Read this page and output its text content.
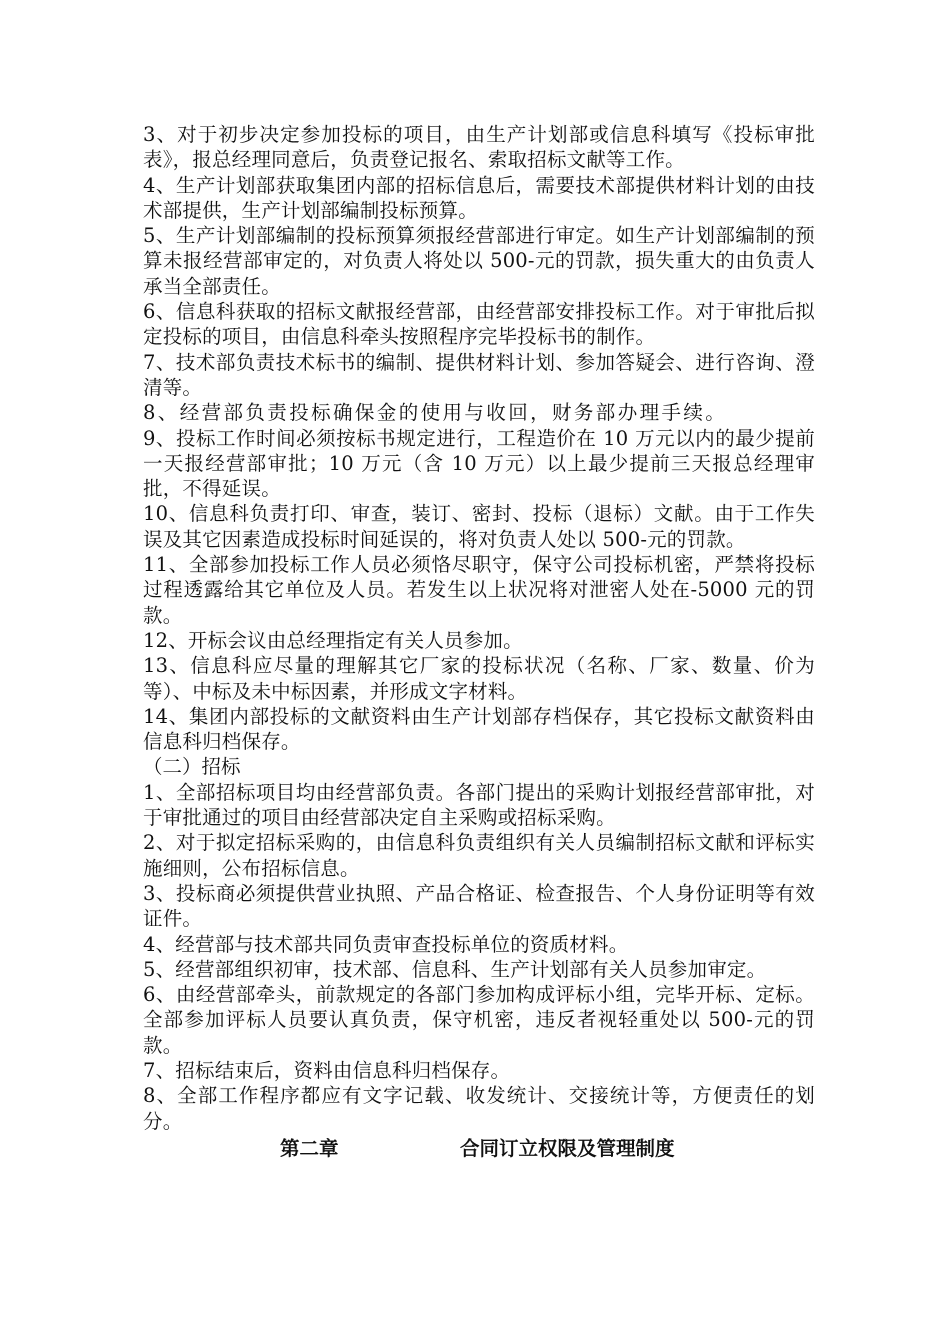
3、对于初步决定参加投标的项目，由生产计划部或信息科填写《投标审批表》，报总经理同意后，负责登记报名、索取招标文献等工作。

4、生产计划部获取集团内部的招标信息后，需要技术部提供材料计划的由技术部提供，生产计划部编制投标预算。

5、生产计划部编制的投标预算须报经营部进行审定。如生产计划部编制的预算未报经营部审定的，对负责人将处以 500-元的罚款，损失重大的由负责人承当全部责任。

6、信息科获取的招标文献报经营部，由经营部安排投标工作。对于审批后拟定投标的项目，由信息科牵头按照程序完毕投标书的制作。

7、技术部负责技术标书的编制、提供材料计划、参加答疑会、进行咨询、澄清等。

8、经营部负责投标确保金的使用与收回，财务部办理手续。

9、投标工作时间必须按标书规定进行，工程造价在 10 万元以内的最少提前一天报经营部审批；10 万元（含 10 万元）以上最少提前三天报总经理审批，不得延误。

10、信息科负责打印、审查，装订、密封、投标（退标）文献。由于工作失误及其它因素造成投标时间延误的，将对负责人处以 500-元的罚款。

11、全部参加投标工作人员必须恪尽职守，保守公司投标机密，严禁将投标过程透露给其它单位及人员。若发生以上状况将对泄密人处在-5000 元的罚款。

12、开标会议由总经理指定有关人员参加。

13、信息科应尽量的理解其它厂家的投标状况（名称、厂家、数量、价为等）、中标及未中标因素，并形成文字材料。

14、集团内部投标的文献资料由生产计划部存档保存，其它投标文献资料由信息科归档保存。

（二）招标

1、全部招标项目均由经营部负责。各部门提出的采购计划报经营部审批，对于审批通过的项目由经营部决定自主采购或招标采购。

2、对于拟定招标采购的，由信息科负责组织有关人员编制招标文献和评标实施细则，公布招标信息。

3、投标商必须提供营业执照、产品合格证、检查报告、个人身份证明等有效证件。

4、经营部与技术部共同负责审查投标单位的资质材料。

5、经营部组织初审，技术部、信息科、生产计划部有关人员参加审定。

6、由经营部牵头，前款规定的各部门参加构成评标小组，完毕开标、定标。全部参加评标人员要认真负责，保守机密，违反者视轻重处以 500-元的罚款。

7、招标结束后，资料由信息科归档保存。

8、全部工作程序都应有文字记载、收发统计、交接统计等，方便责任的划分。

第二章	合同订立权限及管理制度
